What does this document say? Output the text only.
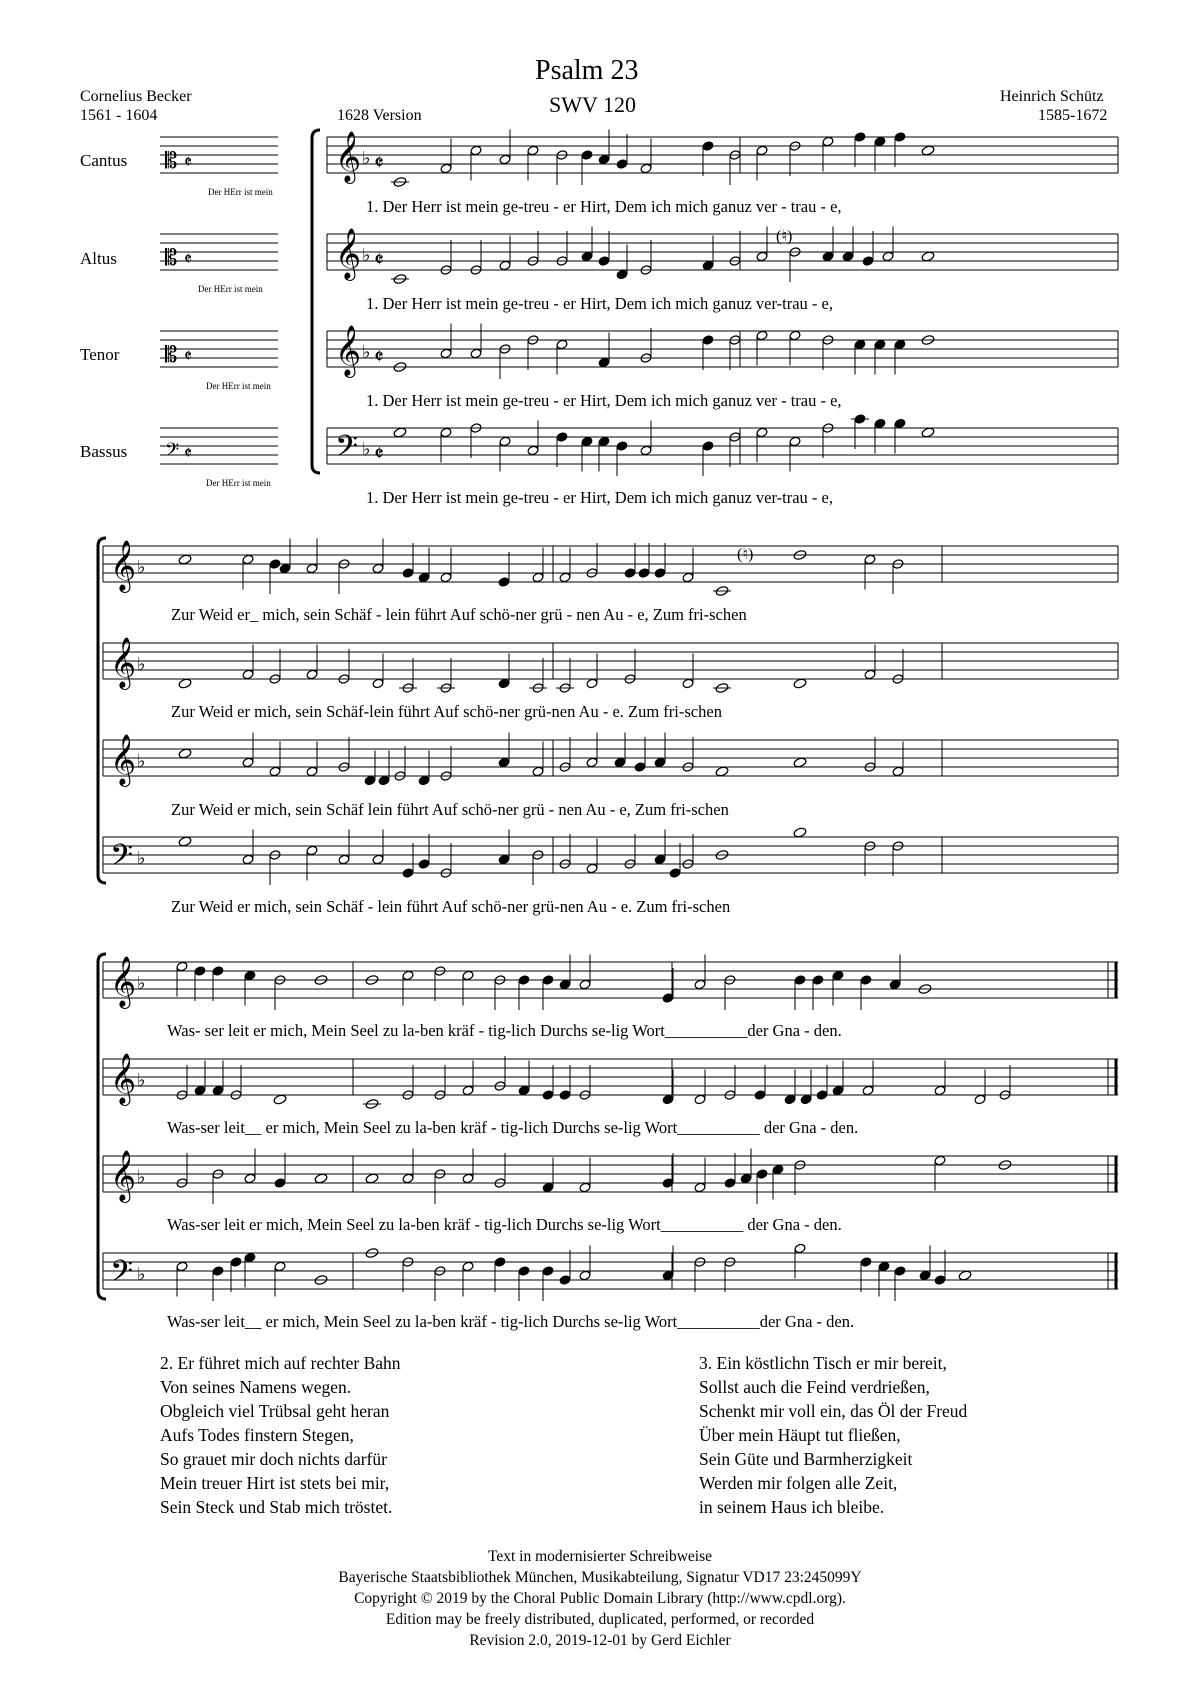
Psalm 23
SWV 120
1628 Version
Cornelius Becker
1561 - 1604
Heinrich Schütz
1585-1672
Cantus
Altus
Tenor
Bassus
Der HErr ist mein
Der HErr ist mein
Der HErr ist mein
Der HErr ist mein
(♮)
(♮)
1. Der Herr ist mein ge-treu - er Hirt, Dem ich mich ganuz ver - trau - e,
1. Der Herr ist mein ge-treu - er Hirt, Dem ich mich ganuz ver-trau - e,
1. Der Herr ist mein ge-treu - er Hirt, Dem ich mich ganuz ver - trau - e,
1. Der Herr ist mein ge-treu - er Hirt, Dem ich mich ganuz ver-trau - e,
Zur Weid er_ mich, sein Schäf - lein führt Auf schö-ner grü - nen Au - e, Zum fri-schen
Zur Weid er mich, sein Schäf-lein führt Auf schö-ner grü-nen Au - e. Zum fri-schen
Zur Weid er mich, sein Schäf lein führt Auf schö-ner grü - nen Au - e, Zum fri-schen
Zur Weid er mich, sein Schäf - lein führt Auf schö-ner grü-nen Au - e. Zum fri-schen
Was- ser leit er mich, Mein Seel zu la-ben kräf - tig-lich Durchs se-lig Wort__________der Gna - den.
Was-ser leit__ er mich, Mein Seel zu la-ben kräf - tig-lich Durchs se-lig Wort__________ der Gna - den.
Was-ser leit er mich, Mein Seel zu la-ben kräf - tig-lich Durchs se-lig Wort__________ der Gna - den.
Was-ser leit__ er mich, Mein Seel zu la-ben kräf - tig-lich Durchs se-lig Wort__________der Gna - den.
2. Er führet mich auf rechter Bahn
Von seines Namens wegen.
Obgleich viel Trübsal geht heran
Aufs Todes finstern Stegen,
So grauet mir doch nichts darfür
Mein treuer Hirt ist stets bei mir,
Sein Steck und Stab mich tröstet.
3. Ein köstlichn Tisch er mir bereit,
Sollst auch die Feind verdrießen,
Schenkt mir voll ein, das Öl der Freud
Über mein Häupt tut fließen,
Sein Güte und Barmherzigkeit
Werden mir folgen alle Zeit,
in seinem Haus ich bleibe.
Text in modernisierter Schreibweise
Bayerische Staatsbibliothek München, Musikabteilung, Signatur VD17 23:245099Y
Copyright © 2019 by the Choral Public Domain Library (http://www.cpdl.org).
Edition may be freely distributed, duplicated, performed, or recorded
Revision 2.0, 2019-12-01 by Gerd Eichler
𝄞 ♭ 𝄵
𝄡 𝄵
𝄞 ♭ 𝄵
𝄡 𝄵
𝄞 ♭ 𝄵
𝄡 𝄵
𝄢 ♭ 𝄵
𝄢 𝄵
𝄞 ♭
𝄞 ♭
𝄞 ♭
𝄢 ♭
𝄞 ♭
𝄞 ♭
𝄞 ♭
𝄢 ♭
